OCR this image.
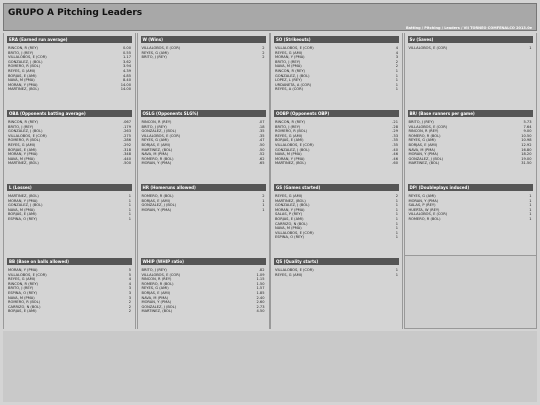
GRUPO A Pitching Leaders
Batting / Pitching / Leaders / VII TORNEO COMFENALCO 2013.0e
ERA (Earned run average)
RINCON, R (REY)	0.00
BRITO, J (REY)	0.55
VILLALOBOS, E (COR)	1.17
GONZALEZ, J (BOL)	3.62
ROMERO, R (BOL)	3.94
REYES, G (AMI)	4.39
BORJAS, E (AMI)	4.85
NAVA, M (PMA)	8.40
MORAN, Y (PMA)	14.00
MARTINEZ, (BOL)	14.00
W (Wins)
VILLALOBOS, E (COR)	2
REYES, G (AMI)	2
BRITO, J (REY)	2
SO (Strikeouts)
VILLALOBOS, E (COR)	4
REYES, G (AMI)	4
MORAN, Y (PMA)	3
BRITO, J (REY)	2
NAVA, M (PMA)	2
RINCON, R (REY)	1
GONZALEZ, J (BOL)	1
LOPEZ, L (REY)	1
URDANETA, A (COR)	1
REYES, A (COR)	1
Sv (Saves)
VILLALOBOS, E (COR)	1
OBA (Opponents batting average)
RINCON, R (REY)	.067
BRITO, J (REY)	.179
GONZALEZ, J (BOL)	.263
VILLALOBOS, E (COR)	.275
ROMERO, R (BOL)	.286
REYES, G (AMI)	.292
BORJAS, E (AMI)	.318
MORAN, Y (PMA)	.348
NAVA, M (PMA)	.440
MARTINEZ, (BOL)	.500
OSLG (Opponents SLG%)
RINCON, R (REY)	.07
BRITO, J (REY)	.18
GONZALEZ, J (BOL)	.35
VILLALOBOS, E (COR)	.35
REYES, G (AMI)	.47
BORJAS, E (AMI)	.50
MARTINEZ, (BOL)	.50
NAVA, M (PMA)	.52
ROMERO, R (BOL)	.62
MORAN, Y (PMA)	.65
OOBP (Opponents OBP)
RINCON, R (REY)	.21
BRITO, J (REY)	.28
ROMERO, R (BOL)	.29
REYES, G (AMI)	.33
BORJAS, E (AMI)	.35
VILLALOBOS, E (COR)	.35
GONZALEZ, J (BOL)	.40
NAVA, M (PMA)	.46
MORAN, Y (PMA)	.46
MARTINEZ, (BOL)	.60
BR/ (Base runners per game)
BRITO, J (REY)	5.73
VILLALOBOS, E (COR)	7.64
RINCON, R (REY)	9.00
ROMERO, R (BOL)	10.50
REYES, G (AMI)	10.98
BORJAS, E (AMI)	12.92
NAVA, M (PMA)	16.80
MORAN, Y (PMA)	18.20
GONZALEZ, J (BOL)	19.00
MARTINEZ, (BOL)	31.50
L (Losses)
MARTINEZ, (BOL)	1
MORAN, Y (PMA)	1
GONZALEZ, J (BOL)	1
NAVA, M (PMA)	1
BORJAS, E (AMI)	1
ESPINA, O (REY)	1
HR (Homeruns allowed)
ROMERO, R (BOL)	2
BORJAS, E (AMI)	1
GONZALEZ, J (BOL)	1
MORAN, Y (PMA)	1
GS (Games started)
REYES, G (AMI)	2
MARTINEZ, (BOL)	1
GONZALEZ, J (BOL)	1
MORAN, Y (PMA)	1
SALAS, P (REY)	1
BORJAS, E (AMI)	1
CARRIZO, N (BOL)	1
NAVA, M (PMA)	1
VILLALOBOS, E (COR)	1
ESPINA, O (REY)	1
DP/ (Doubleplays induced)
REYES, G (AMI)	1
MORAN, Y (PMA)	1
SALAS, P (REY)	1
HUERTA, W (REY)	1
VILLALOBOS, E (COR)	1
ROMERO, R (BOL)	1
BB (Base on balls allowed)
MORAN, Y (PMA)	5
VILLALOBOS, E (COR)	5
REYES, G (AMI)	4
RINCON, R (REY)	4
BRITO, J (REY)	3
ESPINA, O (REY)	3
NAVA, M (PMA)	3
ROMERO, R (BOL)	2
CARRIZO, N (BOL)	2
BORJAS, E (AMI)	2
WHIP (WHIP ratio)
BRITO, J (REY)	.82
VILLALOBOS, E (COR)	1.09
RINCON, R (REY)	1.15
ROMERO, R (BOL)	1.50
REYES, G (AMI)	1.57
BORJAS, E (AMI)	1.85
NAVA, M (PMA)	2.40
MORAN, Y (PMA)	2.60
GONZALEZ, J (BOL)	2.73
MARTINEZ, (BOL)	4.50
QS (Quality starts)
VILLALOBOS, E (COR)	1
REYES, G (AMI)	1
